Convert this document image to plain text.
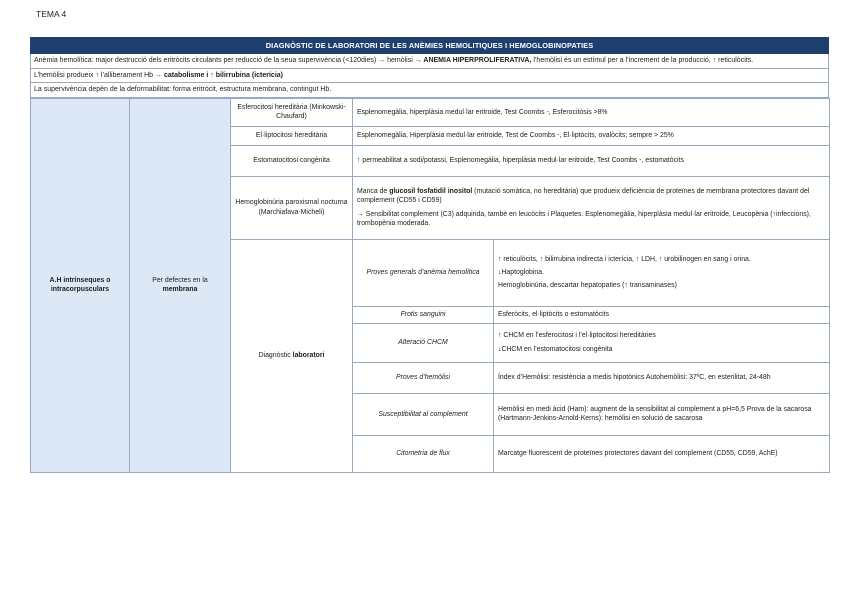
TEMA 4
DIAGNÒSTIC DE LABORATORI DE LES ANÈMIES HEMOLITIQUES I HEMOGLOBINOPATIES
Anèmia hemolítica: major destrucció dels eritròcits circulants per reducció de la seua supervivència (<120dies) → hemòlisi → ANEMIA HIPERPROLIFERATIVA, l’hemòlisi és un estímul per a l’increment de la producció, ↑ reticulòcits.
L’hemòlisi produeix ↑ l’alliberament Hb → catabolisme i ↑ bilirrubina (icterícia)
La supervivència depèn de la deformabilitat: forma eritròcit, estructura membrana, contingut Hb.
A.H intrínseques o intracorpusculars	Per defectes en la
membrana	Esferocitosi hereditària (Minkowski-Chaufard)	Esplenomegàlia, hiperplàsia medul·lar eritroide, Test Coombs -, Esferocitòsis >8%	
		El·liptocitosi hereditària	Esplenomegàlia, Hiperplàsia medul·lar eritroide, Test de Coombs -, El·liptòcits, ovalòcits; sempre > 25%	
		Estomatocitosi congènita	↑ permeabilitat a sodi/potassi, Esplenomegàlia, hiperplàsia medul·lar eritroide, Test Coombs -, estomatòcits	
		Hemoglobinúria paroxismal nocturna (Marchiafava-Micheli)	Manca de glucosil fosfatidil inositol (mutació somàtica, no hereditària) que produeix deficiència de proteïnes de membrana protectores davant del complement (CD55 i CD59)
→ Sensibilitat complement (C3) adquirida, també en leucòcits i Plaquetes. Esplenomegàlia, hiperplàsia medul·lar eritroide, Leucopènia (↑infeccions), trombopènia moderada.	

		Diagnòstic laboratori	Proves generals d’anèmia hemolítica	↑ reticulòcits, ↑ bilirrubina indirecta i icterícia, ↑ LDH, ↑ urobilinogen en sang i orina.
↓Haptoglobina.
Hemoglobinúria, descartar hepatopaties (↑ transaminases)

			Frotis sanguini	Esferòcits, el·liptòcits o estomatòcits
			Alteració CHCM	↑ CHCM en l’esferocitosi i l’el·liptocitosi hereditàries
↓CHCM en l’estomatocitosi congènita

			Proves d’hemòlisi	Índex d’Hemòlisi: resistència a medis hipotònics Autohemòlisi: 37ºC, en esterilitat, 24-48h
			Susceptibilitat al complement	Hemòlisi en medi àcid (Ham): augment de la sensibilitat al complement a pH=6,5 Prova de la sacarosa (Hartmann-Jenkins-Arnold-Kerns): hemòlisi en solució de sacarosa
			Citometria de flux	Marcatge fluorescent de proteïnes protectores davant del complement (CD55, CD59, AchE)
